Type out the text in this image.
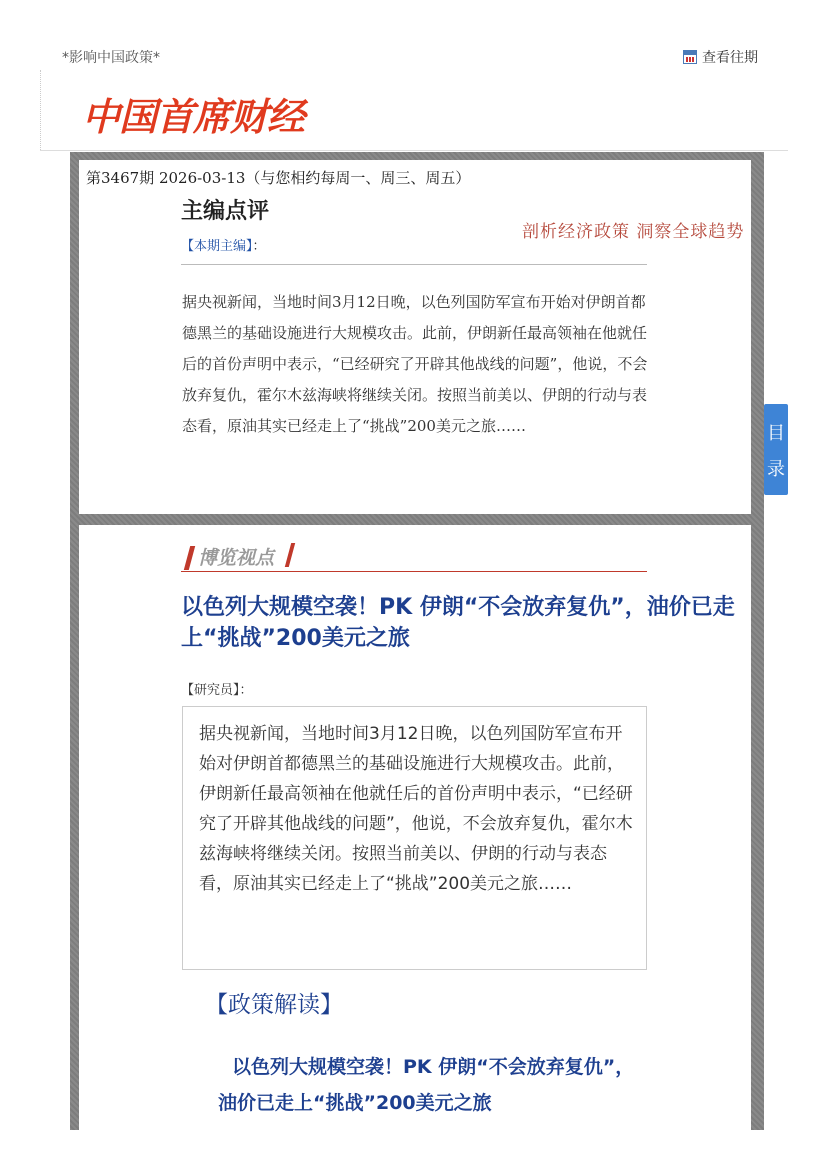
*影响中国政策*	查看往期
中国首席财经
第3467期 2026-03-13（与您相约每周一、周三、周五）
主编点评
剖析经济政策 洞察全球趋势
【本期主编】：
据央视新闻，当地时间3月12日晚，以色列国防军宣布开始对伊朗首都德黑兰的基础设施进行大规模攻击。此前，伊朗新任最高领袖在他就任后的首份声明中表示，“已经研究了开辟其他战线的问题”，他说，不会放弃复仇，霍尔木兹海峡将继续关闭。按照当前美以、伊朗的行动与表态看，原油其实已经走上了“挑战”200美元之旅……	目
录
博览视点
以色列大规模空袭！PK 伊朗“不会放弃复仇”，油价已走上“挑战”200美元之旅
【研究员】：
据央视新闻，当地时间3月12日晚，以色列国防军宣布开始对伊朗首都德黑兰的基础设施进行大规模攻击。此前，伊朗新任最高领袖在他就任后的首份声明中表示，“已经研究了开辟其他战线的问题”，他说，不会放弃复仇，霍尔木兹海峡将继续关闭。按照当前美以、伊朗的行动与表态看，原油其实已经走上了“挑战”200美元之旅……
【政策解读】
以色列大规模空袭！PK 伊朗“不会放弃复仇”，油价已走上“挑战”200美元之旅
